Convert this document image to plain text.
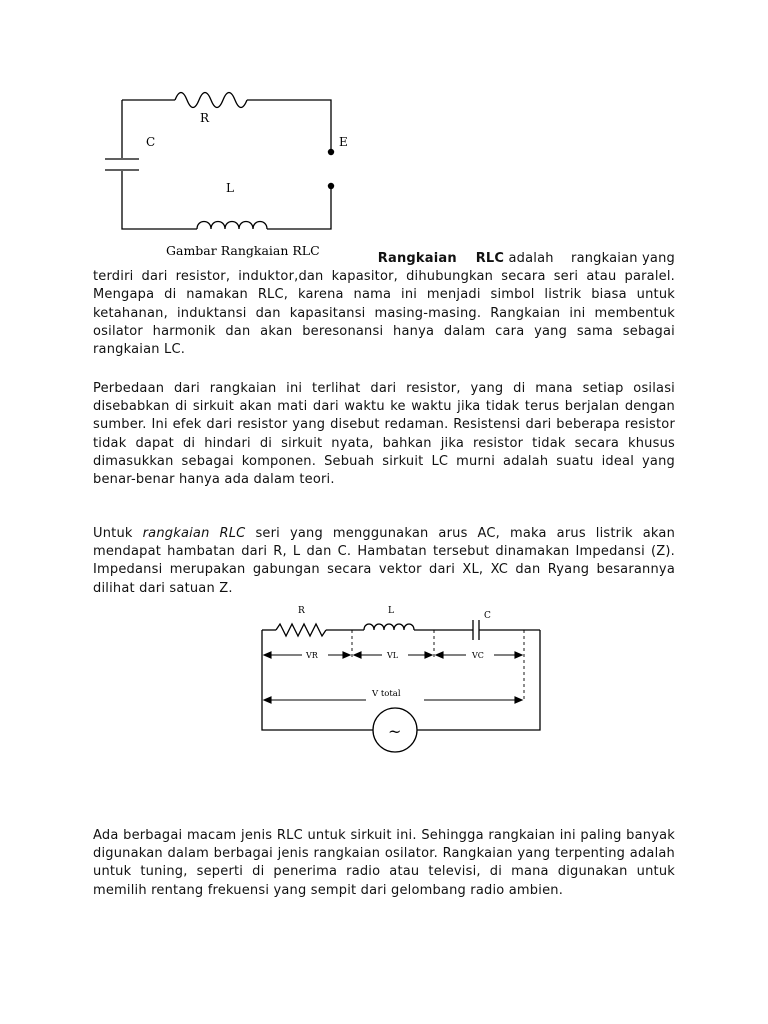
R
C	E
L
Gambar Rangkaian RLC
Rangkaian    RLC adalah    rangkaian yang

terdiri dari resistor, induktor,dan kapasitor, dihubungkan secara seri atau paralel. Mengapa di namakan RLC, karena nama ini menjadi simbol listrik biasa untuk ketahanan, induktansi dan kapasitansi masing-masing. Rangkaian ini membentuk osilator harmonik dan akan beresonansi hanya dalam cara yang sama sebagai rangkaian LC.

Perbedaan dari rangkaian ini terlihat dari resistor, yang di mana setiap osilasi disebabkan di sirkuit akan mati dari waktu ke waktu jika tidak terus berjalan dengan sumber. Ini efek dari resistor yang disebut redaman. Resistensi dari beberapa resistor tidak dapat di hindari di sirkuit nyata, bahkan jika resistor tidak secara khusus dimasukkan sebagai komponen. Sebuah sirkuit LC murni adalah suatu ideal yang benar-benar hanya ada dalam teori.

Untuk rangkaian RLC seri yang menggunakan arus AC, maka arus listrik akan mendapat hambatan dari R, L dan C. Hambatan tersebut dinamakan Impedansi (Z). Impedansi merupakan gabungan secara vektor dari XL, XC dan Ryang besarannya dilihat dari satuan Z.

R	L	C
VR	VL	VC
V total
~

Ada berbagai macam jenis RLC untuk sirkuit ini. Sehingga rangkaian ini paling banyak digunakan dalam berbagai jenis rangkaian osilator. Rangkaian yang terpenting adalah untuk tuning, seperti di penerima radio atau televisi, di mana digunakan untuk memilih rentang frekuensi yang sempit dari gelombang radio ambien.
